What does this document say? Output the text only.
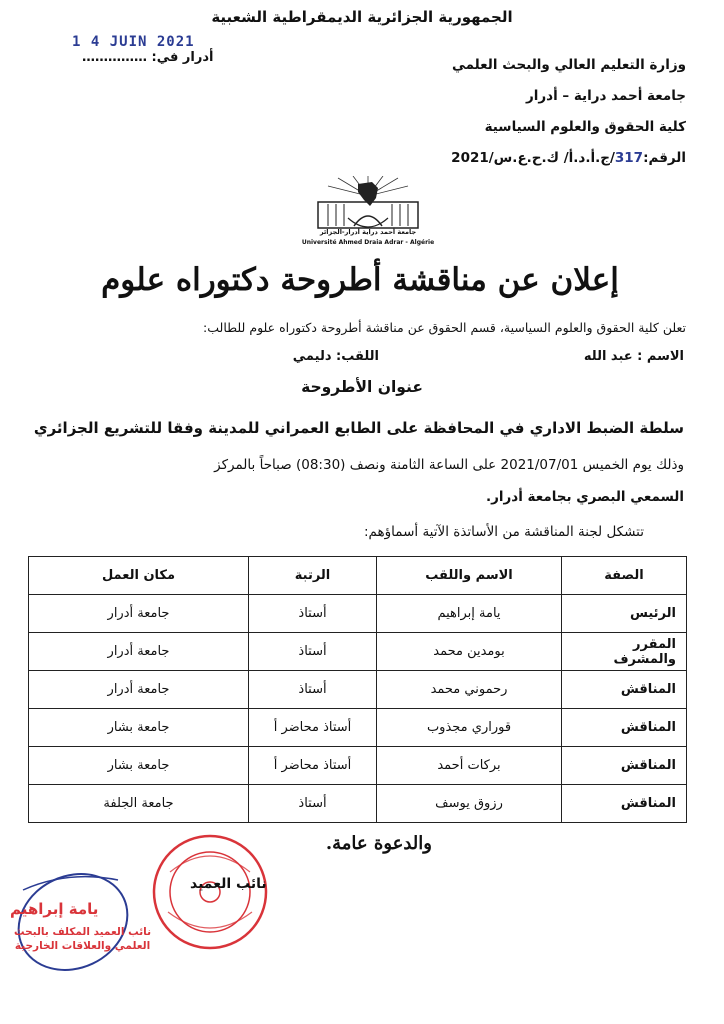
الجمهورية الجزائرية الديمقراطية الشعبية
1 4 JUIN 2021
أدرار في: ……………	وزارة التعليم العالي والبحث العلمي
جامعة أحمد دراية – أدرار
كلية الحقوق والعلوم السياسية
الرقم:317/ج.أ.د.أ/ ك.ح.ع.س/2021
جامعة أحمد دراية أدرار-الجزائر
Université Ahmed Draia Adrar - Algérie
إعلان عن مناقشة أطروحة دكتوراه علوم
تعلن كلية الحقوق والعلوم السياسية، قسم الحقوق عن مناقشة أطروحة دكتوراه علوم للطالب:
الاسم : عبد الله
اللقب: دليمي
عنوان الأطروحة
سلطة الضبط الاداري في المحافظة على الطابع العمراني للمدينة وفقا للتشريع الجزائري
وذلك يوم الخميس 2021/07/01 على الساعة الثامنة ونصف (08:30) صباحاً بالمركز
السمعي البصري بجامعة أدرار.
تتشكل لجنة المناقشة من الأساتذة الآتية أسماؤهم:
الصفة	الاسم واللقب	الرتبة	مكان العمل
الرئيس	يامة إبراهيم	أستاذ	جامعة أدرار
المقرر والمشرف	بومدين محمد	أستاذ	جامعة أدرار
المناقش	رحموني محمد	أستاذ	جامعة أدرار
المناقش	قوراري مجذوب	أستاذ محاضر أ	جامعة بشار
المناقش	بركات أحمد	أستاذ محاضر أ	جامعة بشار
المناقش	رزوق يوسف	أستاذ	جامعة الجلفة
والدعوة عامة.
نائب العميد
يامة إبراهيم
نائب العميد المكلف بالبحث
العلمي والعلاقات الخارجية
